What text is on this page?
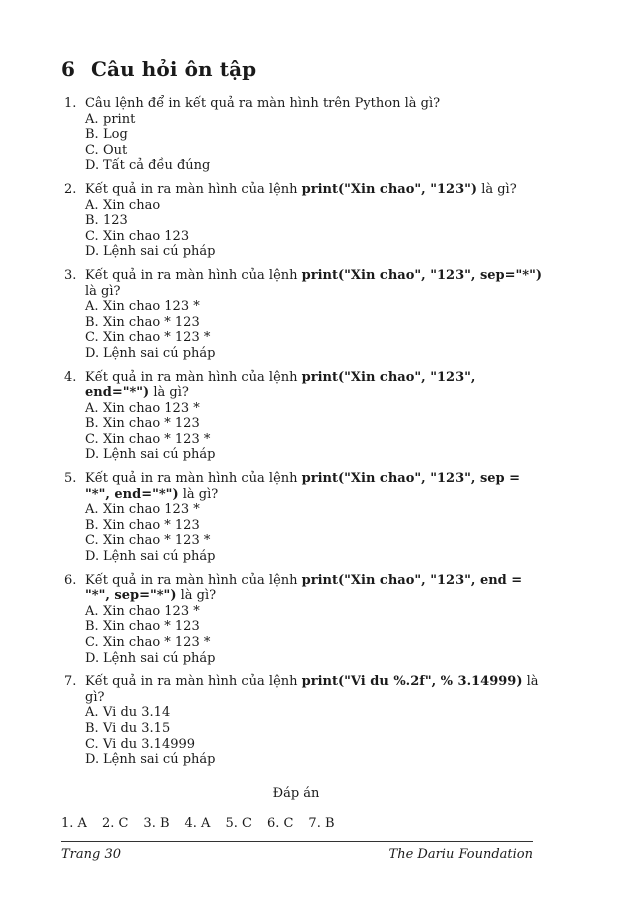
6 Câu hỏi ôn tập
1. Câu lệnh để in kết quả ra màn hình trên Python là gì?
A. print
B. Log
C. Out
D. Tất cả đều đúng
2. Kết quả in ra màn hình của lệnh print("Xin chao", "123") là gì?
A. Xin chao
B. 123
C. Xin chao 123
D. Lệnh sai cú pháp
3. Kết quả in ra màn hình của lệnh print("Xin chao", "123", sep="*") là gì?
A. Xin chao 123 *
B. Xin chao * 123
C. Xin chao * 123 *
D. Lệnh sai cú pháp
4. Kết quả in ra màn hình của lệnh print("Xin chao", "123", end="*") là gì?
A. Xin chao 123 *
B. Xin chao * 123
C. Xin chao * 123 *
D. Lệnh sai cú pháp
5. Kết quả in ra màn hình của lệnh print("Xin chao", "123", sep = "*", end="*") là gì?
A. Xin chao 123 *
B. Xin chao * 123
C. Xin chao * 123 *
D. Lệnh sai cú pháp
6. Kết quả in ra màn hình của lệnh print("Xin chao", "123", end = "*", sep="*") là gì?
A. Xin chao 123 *
B. Xin chao * 123
C. Xin chao * 123 *
D. Lệnh sai cú pháp
7. Kết quả in ra màn hình của lệnh print("Vi du %.2f", % 3.14999) là gì?
A. Vi du 3.14
B. Vi du 3.15
C. Vi du 3.14999
D. Lệnh sai cú pháp
Đáp án
1. A 2. C 3. B 4. A 5. C 6. C 7. B
Trang 30	The Dariu Foundation
